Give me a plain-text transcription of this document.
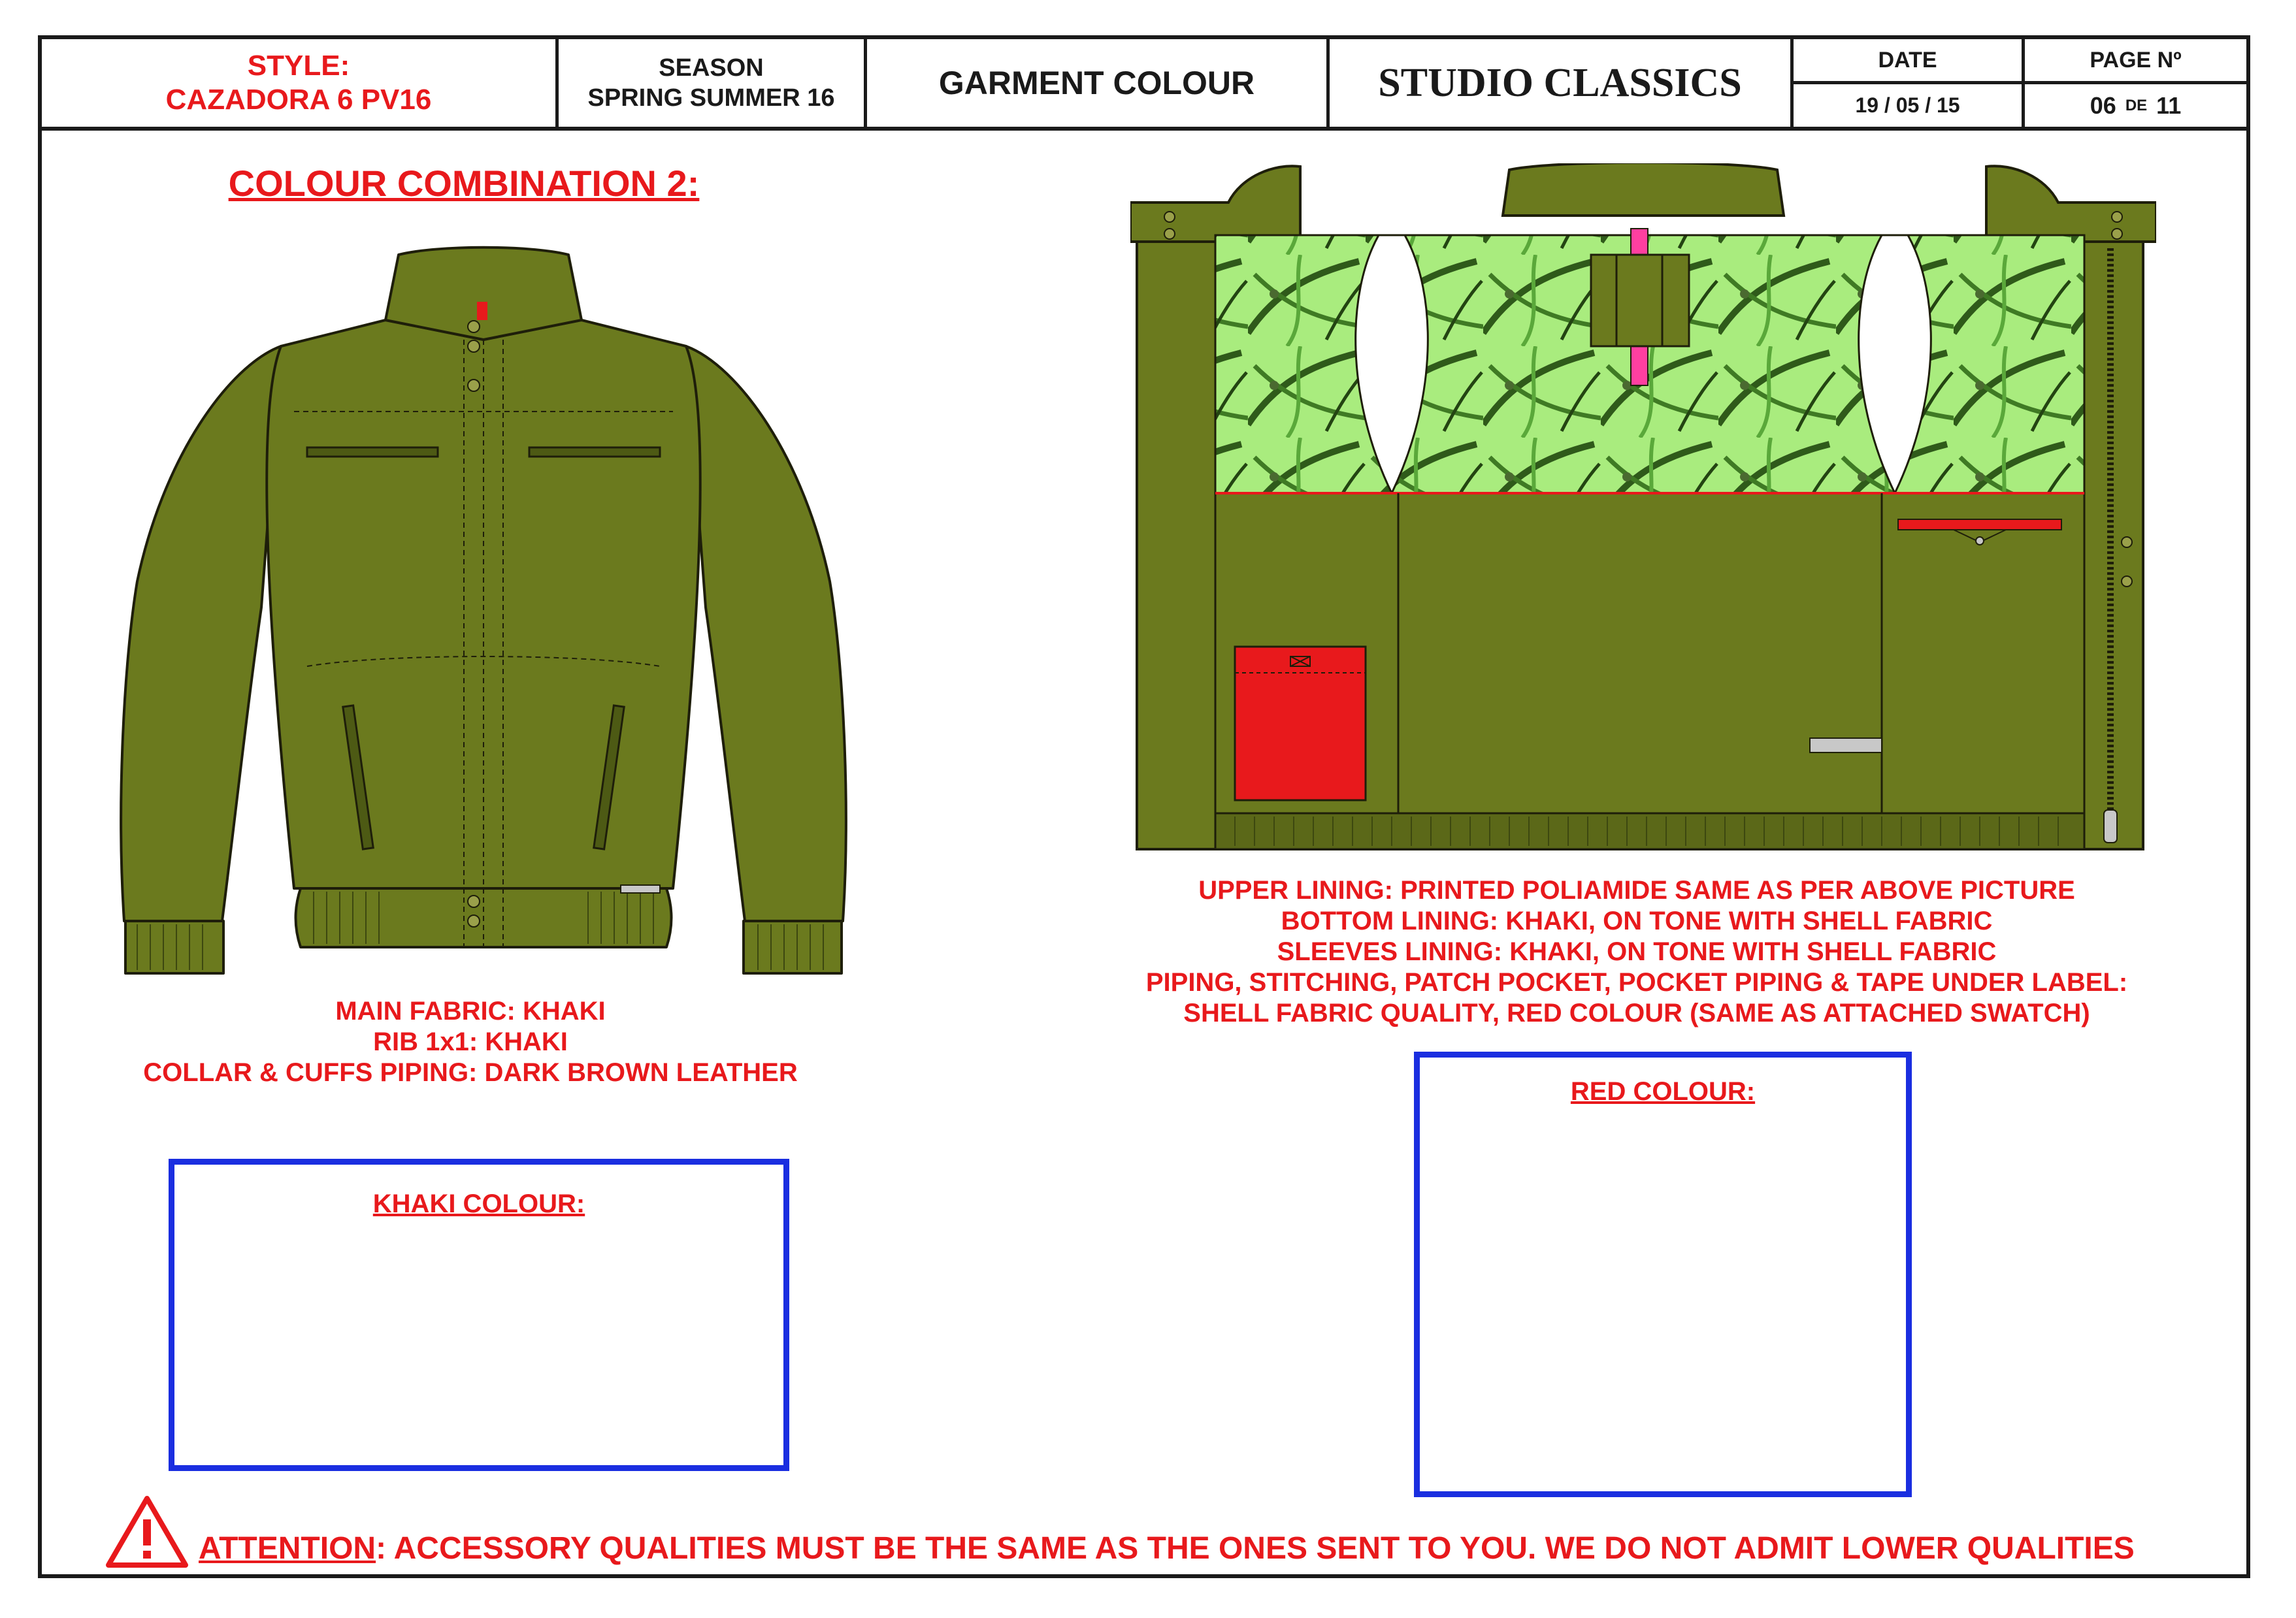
STYLE:
CAZADORA 6 PV16
SEASON
SPRING SUMMER 16	GARMENT COLOUR	STUDIO CLASSICS
DATE
19 / 05 / 15
PAGE Nº
06 DE 11
COLOUR COMBINATION 2:
MAIN FABRIC: KHAKI
RIB 1x1: KHAKI
COLLAR & CUFFS PIPING: DARK BROWN LEATHER
UPPER LINING: PRINTED POLIAMIDE SAME AS PER ABOVE PICTURE
BOTTOM LINING: KHAKI, ON TONE WITH SHELL FABRIC
SLEEVES LINING: KHAKI, ON TONE WITH SHELL FABRIC
PIPING, STITCHING, PATCH POCKET, POCKET PIPING & TAPE UNDER LABEL:
SHELL FABRIC QUALITY, RED COLOUR (SAME AS ATTACHED SWATCH)
KHAKI COLOUR:
RED COLOUR:
ATTENTION: ACCESSORY QUALITIES MUST BE THE SAME AS THE ONES SENT TO YOU. WE DO NOT ADMIT LOWER QUALITIES
